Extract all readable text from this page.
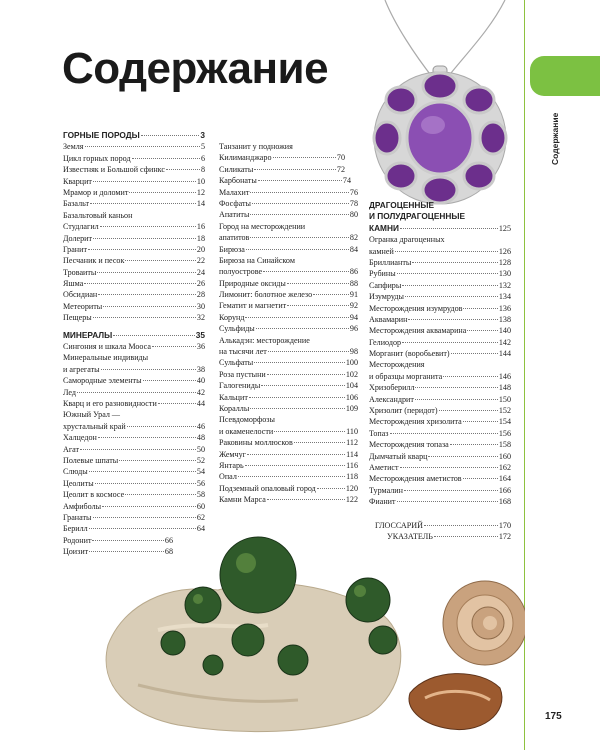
Содержание
Содержание
175
ГОРНЫЕ ПОРОДЫ	3
Земля	5
Цикл горных пород	6
Известняк и Большой сфинкс	8
Кварцит	10
Мрамор и доломит	12
Базальт	14
Базальтовый каньон
Студлагил	16
Долерит	18
Гранит	20
Песчаник и песок	22
Троваиты	24
Яшма	26
Обсидиан	28
Метеориты	30
Пещеры	32
МИНЕРАЛЫ	35
Сингония и шкала Мооса	36
Минеральные индивиды
и агрегаты	38
Самородные элементы	40
Лед	42
Кварц и его разновидности	44
Южный Урал —
хрустальный край	46
Халцедон	48
Агат	50
Полевые шпаты	52
Слюды	54
Цеолиты	56
Цеолит в космосе	58
Амфиболы	60
Гранаты	62
Берилл	64
Родонит	66
Цоизит	68
Танзанит у подножия
Килиманджаро	70
Силикаты	72
Карбонаты	74
Малахит	76
Фосфаты	78
Апатиты	80
Город на месторождении
апатитов	82
Бирюза	84
Бирюза на Синайском
полуострове	86
Природные оксиды	88
Лимонит: болотное железо	91
Гематит и магнетит	92
Корунд	94
Сульфиды	96
Алькадэн: месторождение
на тысячи лет	98
Сульфаты	100
Роза пустыни	102
Галогениды	104
Кальцит	106
Кораллы	109
Псевдоморфозы
и окаменелости	110
Раковины моллюсков	112
Жемчуг	114
Янтарь	116
Опал	118
Подземный опаловый город	120
Камни Марса	122
ДРАГОЦЕННЫЕ
И ПОЛУДРАГОЦЕННЫЕ
КАМНИ	125
Огранка драгоценных
камней	126
Бриллианты	128
Рубины	130
Сапфиры	132
Изумруды	134
Месторождения изумрудов	136
Аквамарин	138
Месторождения аквамарина	140
Гелиодор	142
Морганит (воробьевит)	144
Месторождения
и образцы морганита	146
Хризоберилл	148
Александрит	150
Хризолит (перидот)	152
Месторождения хризолита	154
Топаз	156
Месторождения топаза	158
Дымчатый кварц	160
Аметист	162
Месторождения аметистов	164
Турмалин	166
Фианит	168
ГЛОССАРИЙ	170
УКАЗАТЕЛЬ	172
